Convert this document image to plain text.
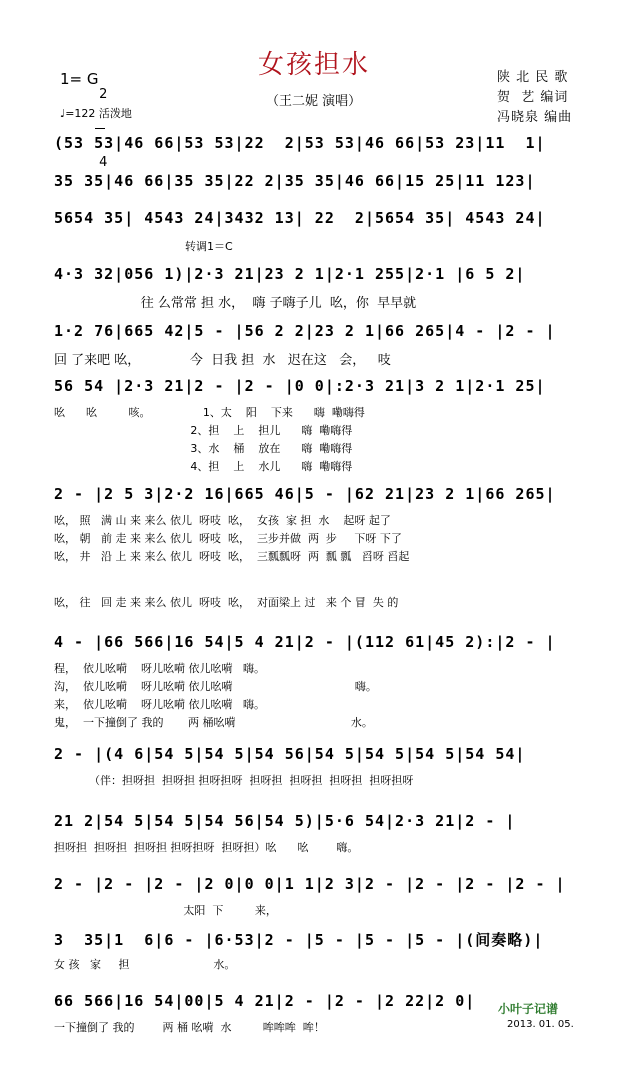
女孩担水
（王二妮 演唱）
陕 北 民 歌
贺  艺 编词
冯晓泉 编曲
1= G

2

4

♩=122 活泼地
转调1＝C
(53 53|46 66|53 53|22  2|53 53|46 66|53 23|11  1|
35 35|46 66|35 35|22 2|35 35|46 66|15 25|11 123|
5654 35| 4543 24|3432 13| 22  2|5654 35| 4543 24|
4·3 32|056 1)|2·3 21|23 2 1|2·1 255|2·1 |6 5 2|
往 么常常 担 水，  嗨 子嗨子儿  吆，你  早早就
1·2 76|665 42|5 - |56 2 2|23 2 1|66 265|4 - |2 - |
回 了来吧 吆，            今  日我 担  水   迟在这   会，   吱
56 54 |2·3 21|2 - |2 - |0 0|:2·3 21|3 2 1|2·1 25|
吆      吆         咳。               1、太    阳    下来      嗨  嘞嗨得
2、担    上    担儿      嗨  嘞嗨得
3、水    桶    放在      嗨  嘞嗨得
4、担    上    水儿      嗨  嘞嗨得
2 - |2 5 3|2·2 16|665 46|5 - |62 21|23 2 1|66 265|
吆， 照   满 山 来 来么 依儿  呀吱  吆，  女孩  家 担  水    起呀 起了
吆， 朝   前 走 来 来么 依儿  呀吱  吆，  三步并做  两  步     下呀 下了
吆， 井   沿 上 来 来么 依儿  呀吱  吆，  三瓢瓢呀  两  瓢 瓢   舀呀 舀起
吆， 往   回 走 来 来么 依儿  呀吱  吆，  对面梁上 过   来 个 冒  失 的
4 - |66 566|16 54|5 4 21|2 - |(112 61|45 2):|2 - |
程，  依儿吆嗬    呀儿吆嗬 依儿吆嗬   嗨。
沟，  依儿吆嗬    呀儿吆嗬 依儿吆嗬                                   嗨。
来，  依儿吆嗬    呀儿吆嗬 依儿吆嗬   嗨。
鬼，  一下撞倒了 我的       两 桶吆嗬                                 水。
2 - |(4 6|54 5|54 5|54 56|54 5|54 5|54 5|54 54|
（伴：担呀担  担呀担 担呀担呀  担呀担  担呀担  担呀担  担呀担呀
21 2|54 5|54 5|54 56|54 5)|5·6 54|2·3 21|2 - |
担呀担  担呀担  担呀担 担呀担呀  担呀担）吆      吆        嗨。
2 - |2 - |2 - |2 0|0 0|1 1|2 3|2 - |2 - |2 - |2 - |
太阳  下         来，
3  35|1  6|6 - |6·53|2 - |5 - |5 - |5 - |(间奏略)|
女 孩   家     担                        水。
66 566|16 54|00|5 4 21|2 - |2 - |2 22|2 0|
一下撞倒了 我的        两 桶 吆嗬  水         哞哞哞  哞！
小叶子记谱
2013. 01. 05.
